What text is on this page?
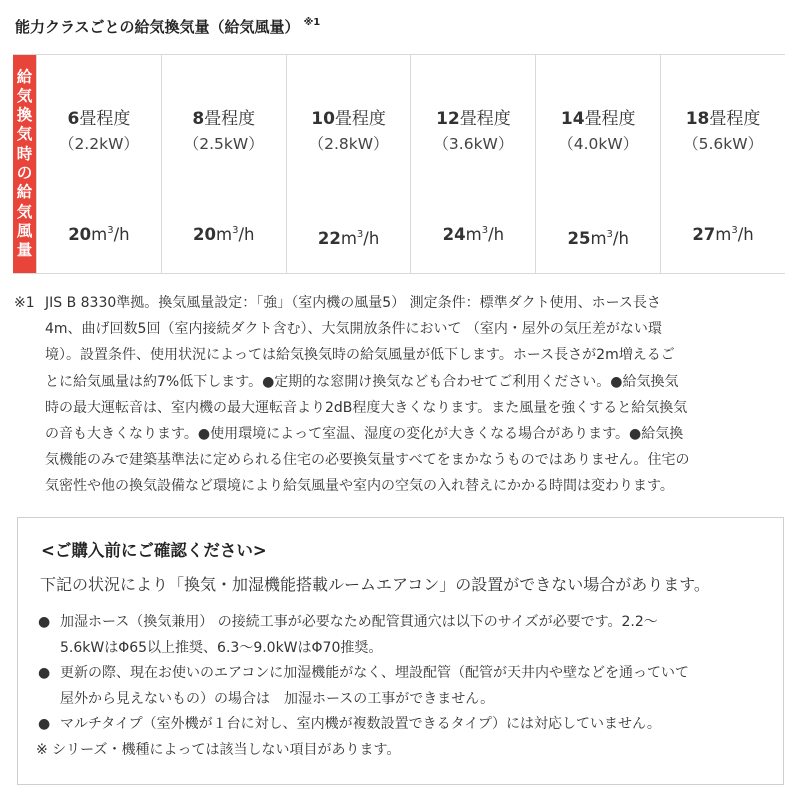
能力クラスごとの給気換気量（給気風量） $^{※1}$
給
気
換
気
時
の
給
気
風
量
6畳程度
（2.2kW）
$20m^3/h$
8畳程度
（2.5kW）
$20m^3/h$
10畳程度
（2.8kW）
$22m^3/h$
12畳程度
（3.6kW）
$24m^3/h$
14畳程度
（4.0kW）
$25m^3/h$
18畳程度
（5.6kW）
$27m^3/h$
※1 JIS B 8330準拠。換気風量設定：「強」（室内機の風量5） 測定条件：標準ダクト使用、ホース長さ
4m、曲げ回数5回（室内接続ダクト含む）、大気開放条件において （室内・屋外の気圧差がない環
境）。設置条件、使用状況によっては給気換気時の給気風量が低下します。ホース長さが2m増えるご
とに給気風量は約7%低下します。●定期的な窓開け換気なども合わせてご利用ください。●給気換気
時の最大運転音は、室内機の最大運転音より2dB程度大きくなります。また風量を強くすると給気換気
の音も大きくなります。●使用環境によって室温、湿度の変化が大きくなる場合があります。●給気換
気機能のみで建築基準法に定められる住宅の必要換気量すべてをまかなうものではありません。住宅の
気密性や他の換気設備など環境により給気風量や室内の空気の入れ替えにかかる時間は変わります。
<ご購入前にご確認ください>
下記の状況により「換気・加湿機能搭載ルームエアコン」の設置ができない場合があります。
● 加湿ホース（換気兼用） の接続工事が必要なため配管貫通穴は以下のサイズが必要です。2.2～
5.6kWはΦ65以上推奨、6.3～9.0kWはΦ70推奨。
● 更新の際、現在お使いのエアコンに加湿機能がなく、埋設配管（配管が天井内や壁などを通っていて
屋外から見えないもの）の場合は　加湿ホースの工事ができません。
● マルチタイプ（室外機が１台に対し、室内機が複数設置できるタイプ）には対応していません。
※ シリーズ・機種によっては該当しない項目があります。
